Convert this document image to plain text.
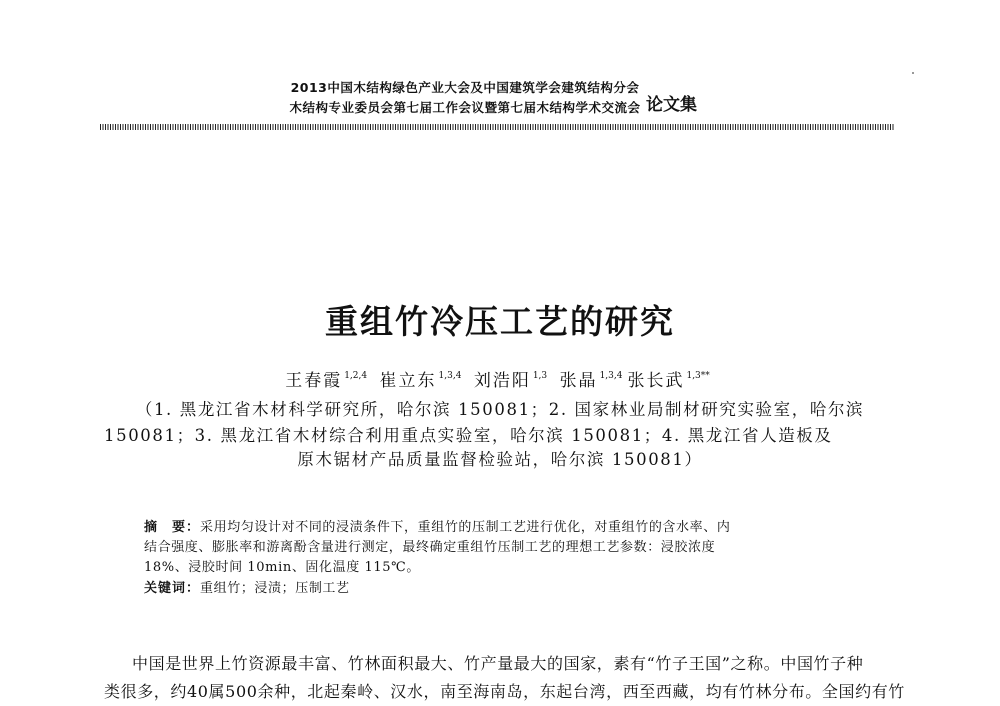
2013中国木结构绿色产业大会及中国建筑学会建筑结构分会
木结构专业委员会第七届工作会议暨第七届木结构学术交流会 论文集
重组竹冷压工艺的研究
王春霞 $^{1,2,4}$ 崔立东 $^{1,3,4}$ 刘浩阳 $^{1,3}$ 张晶 $^{1,3,4}$ 张长武 $^{1,3**}$
（1. 黑龙江省木材科学研究所，哈尔滨 150081；2. 国家林业局制材研究实验室，哈尔滨
150081；3. 黑龙江省木材综合利用重点实验室，哈尔滨 150081；4. 黑龙江省人造板及
原木锯材产品质量监督检验站，哈尔滨 150081）
摘　要：采用均匀设计对不同的浸渍条件下，重组竹的压制工艺进行优化，对重组竹的含水率、内
结合强度、膨胀率和游离酚含量进行测定，最终确定重组竹压制工艺的理想工艺参数：浸胶浓度
18%、浸胶时间 10min、固化温度 115℃。
关键词：重组竹；浸渍；压制工艺
中国是世界上竹资源最丰富、竹林面积最大、竹产量最大的国家，素有“竹子王国”之称。中国竹子种
类很多，约40属500余种，北起秦岭、汉水，南至海南岛，东起台湾，西至西藏，均有竹林分布。全国约有竹
